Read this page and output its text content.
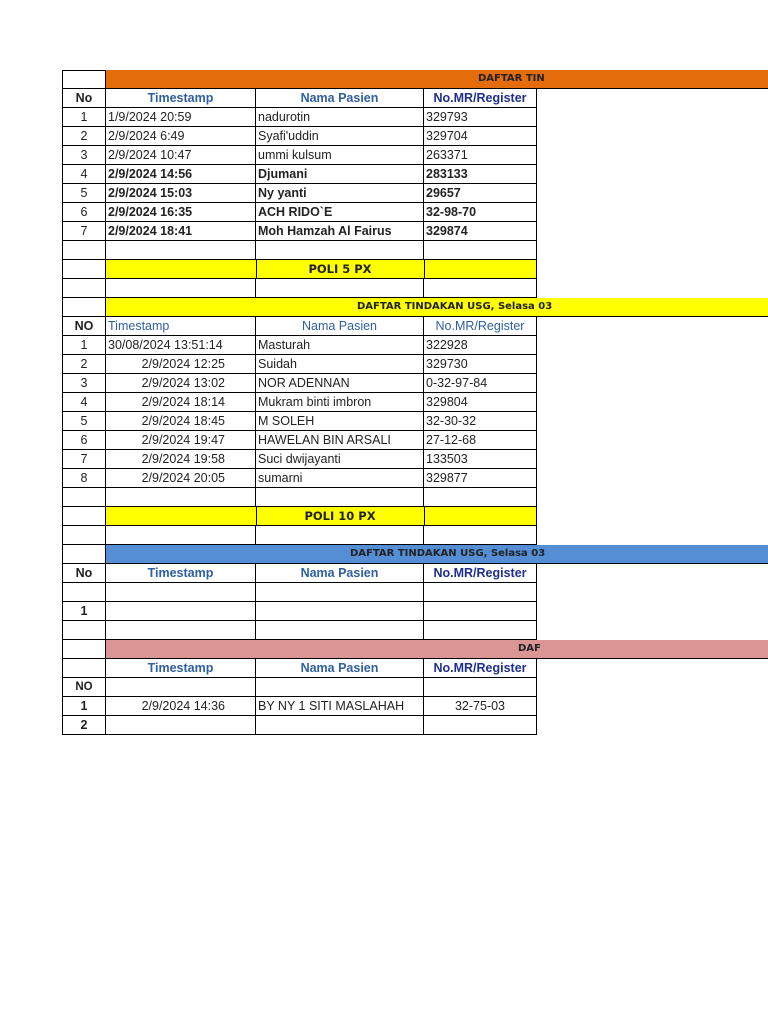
DAFTAR TIN
No	Timestamp	Nama Pasien	No.MR/Register
1	1/9/2024 20:59	nadurotin	329793
2	2/9/2024 6:49	Syafi'uddin	329704
3	2/9/2024 10:47	ummi kulsum	263371
4	2/9/2024 14:56	Djumani	283133
5	2/9/2024 15:03	Ny yanti	29657
6	2/9/2024 16:35	ACH RIDO`E	32-98-70
7	2/9/2024 18:41	Moh Hamzah Al Fairus	329874
POLI 5 PX
DAFTAR TINDAKAN USG, Selasa 03
NO	Timestamp	Nama Pasien	No.MR/Register
1	30/08/2024 13:51:14	Masturah	322928
2	2/9/2024 12:25	Suidah	329730
3	2/9/2024 13:02	NOR ADENNAN	0-32-97-84
4	2/9/2024 18:14	Mukram binti imbron	329804
5	2/9/2024 18:45	M SOLEH	32-30-32
6	2/9/2024 19:47	HAWELAN BIN ARSALI	27-12-68
7	2/9/2024 19:58	Suci dwijayanti	133503
8	2/9/2024 20:05	sumarni	329877
POLI 10 PX
DAFTAR TINDAKAN USG, Selasa 03
No	Timestamp	Nama Pasien	No.MR/Register
1
DAF
Timestamp	Nama Pasien	No.MR/Register
NO
1	2/9/2024 14:36	BY NY 1 SITI MASLAHAH	32-75-03
2
